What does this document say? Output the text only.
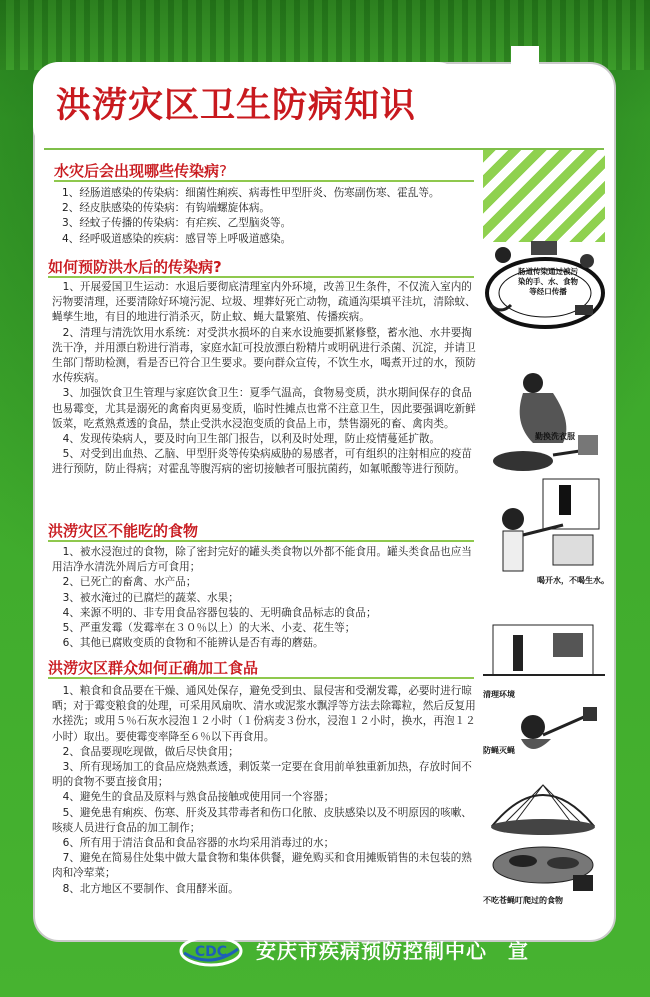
洪涝灾区卫生防病知识
水灾后会出现哪些传染病?

1、经肠道感染的传染病：细菌性痢疾、病毒性甲型肝炎、伤寒副伤寒、霍乱等。

2、经皮肤感染的传染病：有钩端螺旋体病。

3、经蚊子传播的传染病：有疟疾、乙型脑炎等。

4、经呼吸道感染的疾病：感冒等上呼吸道感染。

如何预防洪水后的传染病?

1、开展爱国卫生运动：水退后要彻底清理室内外环境，改善卫生条件，不仅流入室内的污物要清理，还要清除好环境污泥、垃圾、埋葬好死亡动物，疏通沟渠填平洼坑，清除蚊、蝇孳生地，有目的地进行消杀灭，防止蚊、蝇大量繁殖、传播疾病。

2、清理与清洗饮用水系统：对受洪水损坏的自来水设施要抓紧修整，蓄水池、水井要掏洗干净，并用漂白粉进行消毒，家庭水缸可投放漂白粉精片或明矾进行杀菌、沉淀，并请卫生部门帮助检测，看是否已符合卫生要求。要向群众宣传，不饮生水，喝煮开过的水，预防水传疾病。

3、加强饮食卫生管理与家庭饮食卫生：夏季气温高，食物易变质，洪水期间保存的食品也易霉变，尤其是溺死的禽畜肉更易变质，临时性摊点也常不注意卫生，因此要强调吃新鲜饭菜，吃煮熟煮透的食品，禁止受洪水浸泡变质的食品上市，禁售溺死的畜、禽肉类。

4、发现传染病人，要及时向卫生部门报告，以利及时处理，防止疫情蔓延扩散。

5、对受到出血热、乙脑、甲型肝炎等传染病威胁的易感者，可有组织的注射相应的疫苗进行预防，防止得病；对霍乱等腹泻病的密切接触者可服抗菌药，如氟哌酸等进行预防。

洪涝灾区不能吃的食物

1、被水浸泡过的食物，除了密封完好的罐头类食物以外都不能食用。罐头类食品也应当用洁净水清洗外周后方可食用；

2、已死亡的畜禽、水产品；

3、被水淹过的已腐烂的蔬菜、水果；

4、来源不明的、非专用食品容器包装的、无明确食品标志的食品；

5、严重发霉（发霉率在３０％以上）的大米、小麦、花生等；

6、其他已腐败变质的食物和不能辨认是否有毒的蘑菇。

洪涝灾区群众如何正确加工食品

1、粮食和食品要在干燥、通风处保存，避免受到虫、鼠侵害和受潮发霉，必要时进行晾晒；对于霉变粮食的处理，可采用风扇吹、清水或泥浆水飘浮等方法去除霉粒，然后反复用水搓洗；或用５％石灰水浸泡１２小时（１份病麦３份水，浸泡１２小时，换水，再泡１２小时）取出。要使霉变率降至６％以下再食用。

2、食品要现吃现做，做后尽快食用；

3、所有现场加工的食品应烧熟煮透，剩饭菜一定要在食用前单独重新加热，存放时间不明的食物不要直接食用；

4、避免生的食品及原料与熟食品接触或使用同一个容器；

5、避免患有痢疾、伤寒、肝炎及其带毒者和伤口化脓、皮肤感染以及不明原因的咳嗽、咳痰人员进行食品的加工制作；

6、所有用于清洁食品和食品容器的水均采用消毒过的水；

7、避免在简易住处集中做大量食物和集体供餐，避免购买和食用摊贩销售的未包装的熟肉和冷荤菜；

8、北方地区不要制作、食用酵米面。

肠道传染通过被污染的手、水、食物等经口传播
勤换洗衣服
喝开水，不喝生水。
清理环境
防蝇灭蝇
不吃苍蝇叮爬过的食物
CDC 安庆市疾病预防控制中心　宣
